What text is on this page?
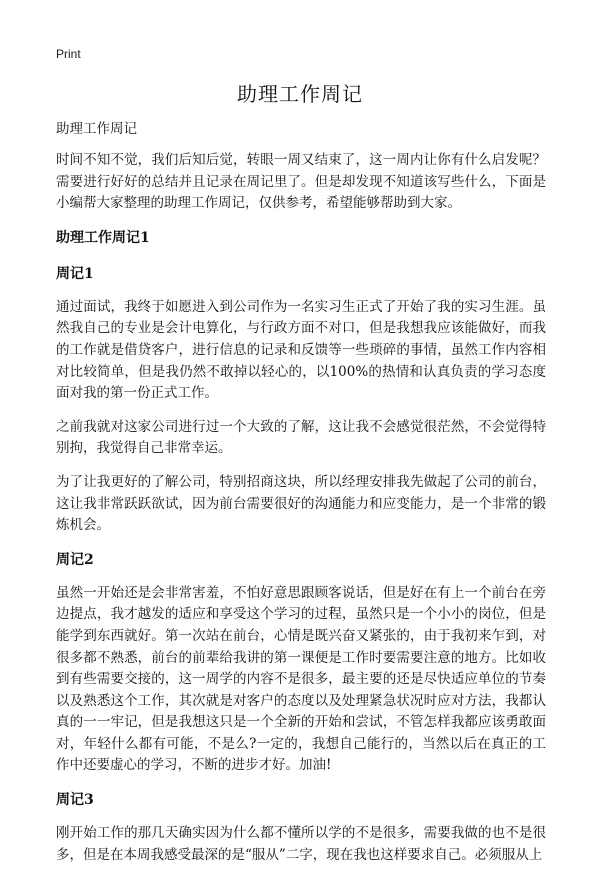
Print
助理工作周记
助理工作周记

时间不知不觉，我们后知后觉，转眼一周又结束了，这一周内让你有什么启发呢？需要进行好好的总结并且记录在周记里了。但是却发现不知道该写些什么，下面是小编帮大家整理的助理工作周记，仅供参考，希望能够帮助到大家。

助理工作周记1
周记1

通过面试，我终于如愿进入到公司作为一名实习生正式了开始了我的实习生涯。虽然我自己的专业是会计电算化，与行政方面不对口，但是我想我应该能做好，而我的工作就是借贷客户，进行信息的记录和反馈等一些琐碎的事情，虽然工作内容相对比较简单，但是我仍然不敢掉以轻心的，以100%的热情和认真负责的学习态度面对我的第一份正式工作。

之前我就对这家公司进行过一个大致的了解，这让我不会感觉很茫然，不会觉得特别拘，我觉得自己非常幸运。

为了让我更好的了解公司，特别招商这块，所以经理安排我先做起了公司的前台，这让我非常跃跃欲试，因为前台需要很好的沟通能力和应变能力，是一个非常的锻炼机会。

周记2

虽然一开始还是会非常害羞，不怕好意思跟顾客说话，但是好在有上一个前台在旁边提点，我才越发的适应和享受这个学习的过程，虽然只是一个小小的岗位，但是能学到东西就好。第一次站在前台，心情是既兴奋又紧张的，由于我初来乍到，对很多都不熟悉，前台的前辈给我讲的第一课便是工作时要需要注意的地方。比如收到有些需要交接的，这一周学的内容不是很多，最主要的还是尽快适应单位的节奏以及熟悉这个工作，其次就是对客户的态度以及处理紧急状况时应对方法，我都认真的一一牢记，但是我想这只是一个全新的开始和尝试，不管怎样我都应该勇敢面对，年轻什么都有可能，不是么?一定的，我想自己能行的，当然以后在真正的工作中还要虚心的学习，不断的进步才好。加油!

周记3

刚开始工作的那几天确实因为什么都不懂所以学的不是很多，需要我做的也不是很多，但是在本周我感受最深的是“服从”二字，现在我也这样要求自己。必须服从上
